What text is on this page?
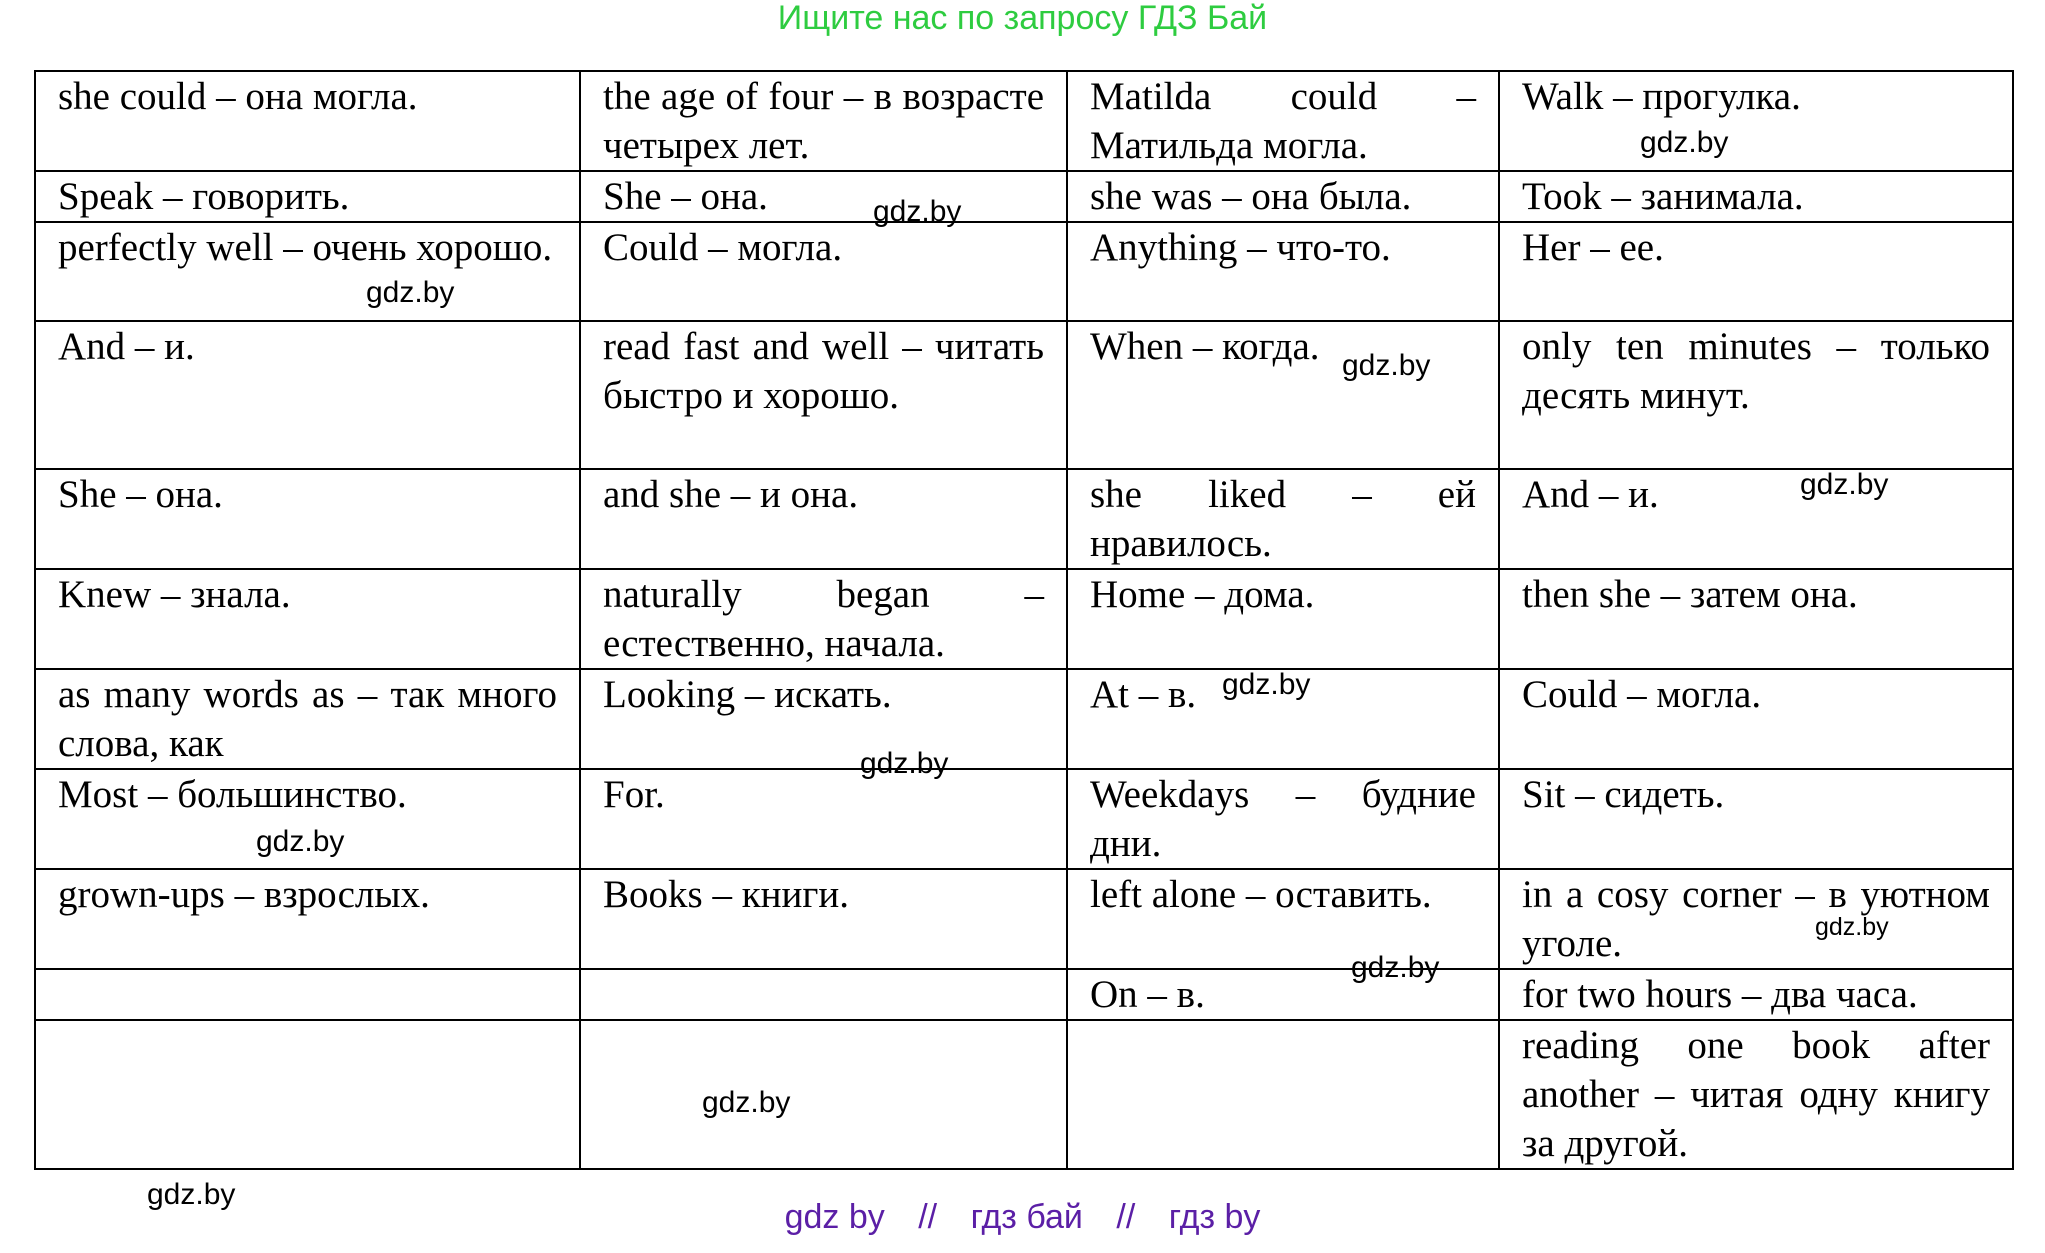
Ищите нас по запросу ГДЗ Бай
she could – она могла.	the age of four – в возрасте четырех лет.	Matilda could – Матильда могла.	Walk – прогулка.
Speak – говорить.	She – она.	she was – она была.	Took – занимала.
perfectly well – очень хорошо.	Could – могла.	Anything – что-то.	Her – ее.
And – и.	read fast and well – читать быстро и хорошо.	When – когда.	only ten minutes – только десять минут.
She – она.	and she – и она.	she liked – ей нравилось.	And – и.
Knew – знала.	naturally began – естественно, начала.	Home – дома.	then she – затем она.
as many words as – так много слова, как	Looking – искать.	At – в.	Could – могла.
Most – большинство.	For.	Weekdays – будние дни.	Sit – сидеть.
grown-ups – взрослых.	Books – книги.	left alone – оставить.	in a cosy corner – в уютном уголе.
		On – в.	for two hours – два часа.
			reading one book after another – читая одну книгу за другой.
gdz.by
gdz.by
gdz.by
gdz.by
gdz.by
gdz.by
gdz.by
gdz.by
gdz.by
gdz.by
gdz.by
gdz.by
gdz by // гдз бай // гдз by
